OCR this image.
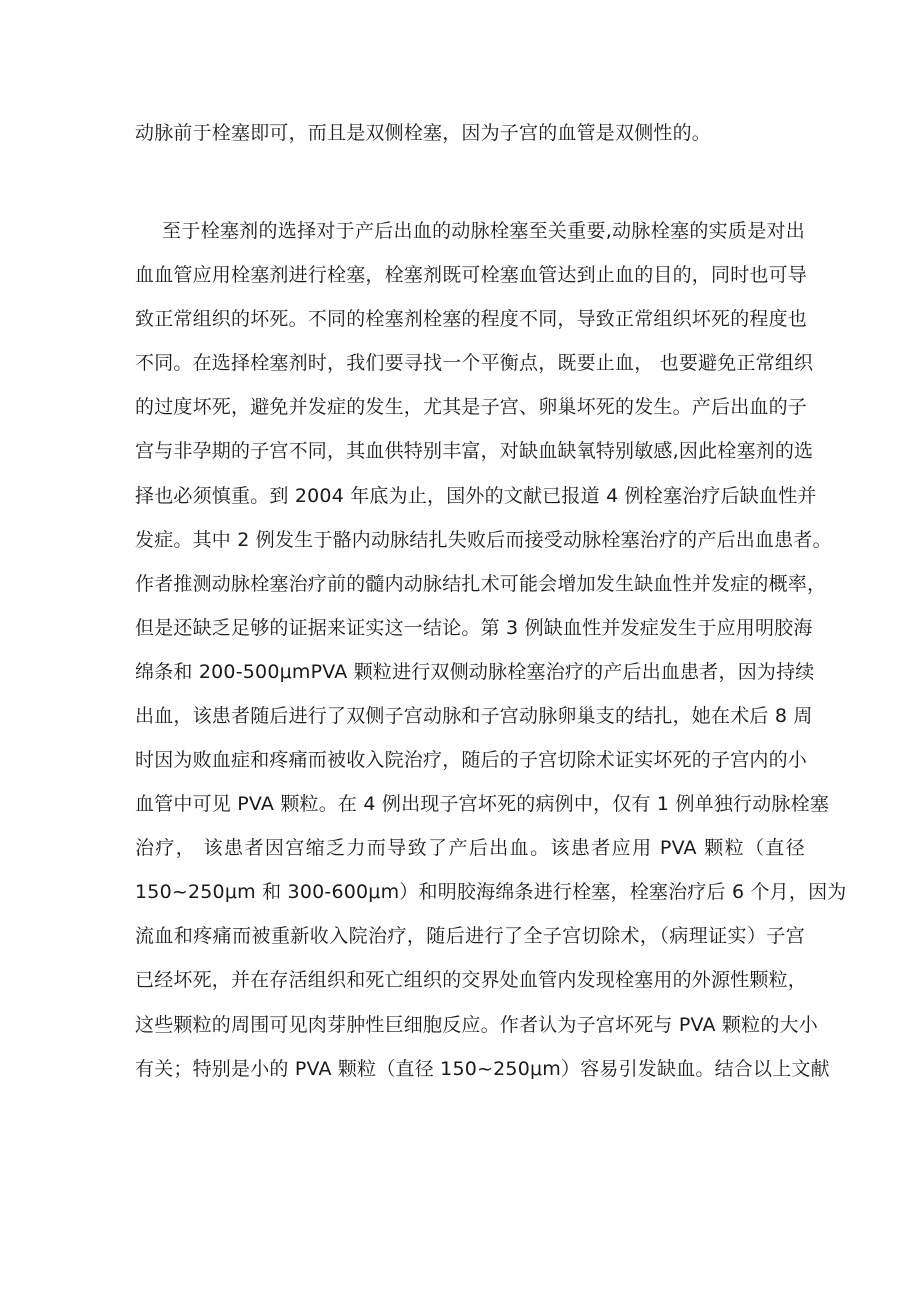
动脉前于栓塞即可，而且是双侧栓塞，因为子宫的血管是双侧性的。
至于栓塞剂的选择对于产后出血的动脉栓塞至关重要,动脉栓塞的实质是对出
血血管应用栓塞剂进行栓塞，栓塞剂既可栓塞血管达到止血的目的，同时也可导
致正常组织的坏死。不同的栓塞剂栓塞的程度不同，导致正常组织坏死的程度也
不同。在选择栓塞剂时，我们要寻找一个平衡点，既要止血， 也要避免正常组织
的过度坏死，避免并发症的发生，尤其是子宫、卵巢坏死的发生。产后出血的子
宫与非孕期的子宫不同，其血供特别丰富，对缺血缺氧特别敏感,因此栓塞剂的选
择也必须慎重。到 2004 年底为止，国外的文献已报道 4 例栓塞治疗后缺血性并
发症。其中 2 例发生于骼内动脉结扎失败后而接受动脉栓塞治疗的产后出血患者。
作者推测动脉栓塞治疗前的髓内动脉结扎术可能会增加发生缺血性并发症的概率，
但是还缺乏足够的证据来证实这一结论。第 3 例缺血性并发症发生于应用明胶海
绵条和 200-500μmPVA 颗粒进行双侧动脉栓塞治疗的产后出血患者，因为持续
出血，该患者随后进行了双侧子宫动脉和子宫动脉卵巢支的结扎，她在术后 8 周
时因为败血症和疼痛而被收入院治疗，随后的子宫切除术证实坏死的子宫内的小
血管中可见 PVA 颗粒。在 4 例出现子宫坏死的病例中，仅有 1 例单独行动脉栓塞
治疗， 该患者因宫缩乏力而导致了产后出血。该患者应用 PVA 颗粒（直径
150~250μm 和 300-600μm）和明胶海绵条进行栓塞，栓塞治疗后 6 个月，因为
流血和疼痛而被重新收入院治疗，随后进行了全子宫切除术，（病理证实）子宫
已经坏死，并在存活组织和死亡组织的交界处血管内发现栓塞用的外源性颗粒，
这些颗粒的周围可见肉芽肿性巨细胞反应。作者认为子宫坏死与 PVA 颗粒的大小
有关；特别是小的 PVA 颗粒（直径 150~250μm）容易引发缺血。结合以上文献
